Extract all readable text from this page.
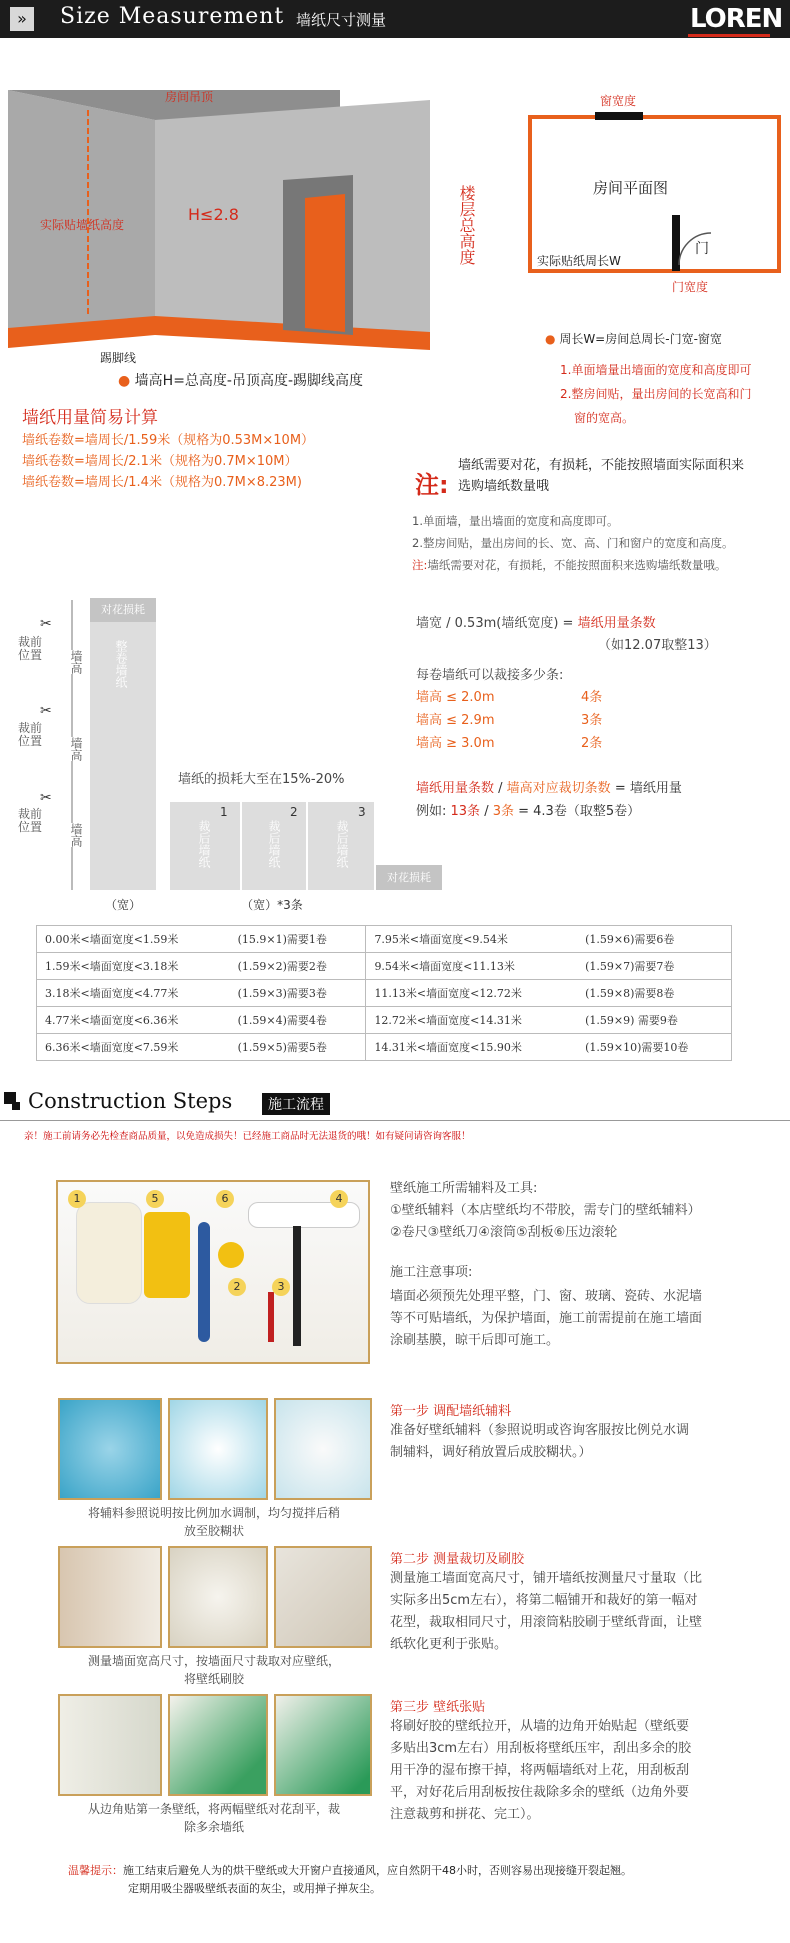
»	Size Measurement 墙纸尺寸测量	LOREN
房间吊顶
实际贴墙纸高度
H≤2.8	楼层总高度
踢脚线
● 墙高H=总高度-吊顶高度-踢脚线高度
窗宽度
房间平面图
门
实际贴纸周长W
门宽度
● 周长W=房间总周长-门宽-窗宽
1.单面墙量出墙面的宽度和高度即可
2.整房间贴，量出房间的长宽高和门
窗的宽高。
墙纸用量简易计算
墙纸卷数=墙周长/1.59米（规格为0.53M×10M）
墙纸卷数=墙周长/2.1米（规格为0.7M×10M）
墙纸卷数=墙周长/1.4米（规格为0.7M×8.23M)	注:
墙纸需要对花，有损耗，不能按照墙面实际面积来
选购墙纸数量哦
1.单面墙，量出墙面的宽度和高度即可。
2.整房间贴，量出房间的长、宽、高、门和窗户的宽度和高度。
注:墙纸需要对花，有损耗，不能按照面积来选购墙纸数量哦。
对花损耗
整卷墙纸
✂
✂
✂
裁前位置
裁前位置
裁前位置
墙高
墙高
墙高
（宽）
墙纸的损耗大至在15%-20%
1	2	3
裁后墙纸	裁后墙纸	裁后墙纸
对花损耗
（宽）*3条
墙宽 / 0.53m(墙纸宽度) = 墙纸用量条数
（如12.07取整13）
每卷墙纸可以裁接多少条:
墙高 ≤ 2.0m	4条
墙高 ≤ 2.9m	3条
墙高 ≥ 3.0m	2条
墙纸用量条数 / 墙高对应裁切条数 = 墙纸用量
例如: 13条 / 3条 = 4.3卷（取整5卷）
0.00米<墙面宽度<1.59米	(15.9×1)需要1卷	7.95米<墙面宽度<9.54米	(1.59×6)需要6卷
1.59米<墙面宽度<3.18米	(1.59×2)需要2卷	9.54米<墙面宽度<11.13米	(1.59×7)需要7卷
3.18米<墙面宽度<4.77米	(1.59×3)需要3卷	11.13米<墙面宽度<12.72米	(1.59×8)需要8卷
4.77米<墙面宽度<6.36米	(1.59×4)需要4卷	12.72米<墙面宽度<14.31米	(1.59×9) 需要9卷
6.36米<墙面宽度<7.59米	(1.59×5)需要5卷	14.31米<墙面宽度<15.90米	(1.59×10)需要10卷
Construction Steps	施工流程
亲！施工前请务必先检查商品质量，以免造成损失！已经施工商品时无法退货的哦！如有疑问请咨询客服！
1	5	6
2	3
4
壁纸施工所需辅料及工具:
①壁纸辅料（本店壁纸均不带胶，需专门的壁纸辅料）
②卷尺③壁纸刀④滚筒⑤刮板⑥压边滚轮
施工注意事项:
墙面必须预先处理平整，门、窗、玻璃、瓷砖、水泥墙
等不可贴墙纸，为保护墙面，施工前需提前在施工墙面
涂刷基膜，晾干后即可施工。
将辅料参照说明按比例加水调制，均匀搅拌后稍
放至胶糊状
第一步 调配墙纸辅料
准备好壁纸辅料（参照说明或咨询客服按比例兑水调
制辅料，调好稍放置后成胶糊状。）
测量墙面宽高尺寸，按墙面尺寸裁取对应壁纸，
将壁纸刷胶
第二步 测量裁切及刷胶
测量施工墙面宽高尺寸，铺开墙纸按测量尺寸量取（比
实际多出5cm左右），将第二幅铺开和裁好的第一幅对
花型，裁取相同尺寸，用滚筒粘胶刷于壁纸背面，让壁
纸软化更利于张贴。
从边角贴第一条壁纸，将两幅壁纸对花刮平，裁
除多余墙纸
第三步 壁纸张贴
将刷好胶的壁纸拉开，从墙的边角开始贴起（壁纸要
多贴出3cm左右）用刮板将壁纸压牢，刮出多余的胶
用干净的湿布擦干掉，将两幅墙纸对上花，用刮板刮
平，对好花后用刮板按住裁除多余的壁纸（边角外要
注意裁剪和拼花、完工）。
温馨提示：施工结束后避免人为的烘干壁纸或大开窗户直接通风，应自然阴干48小时，否则容易出现接缝开裂起翘。
定期用吸尘器吸壁纸表面的灰尘，或用掸子掸灰尘。
